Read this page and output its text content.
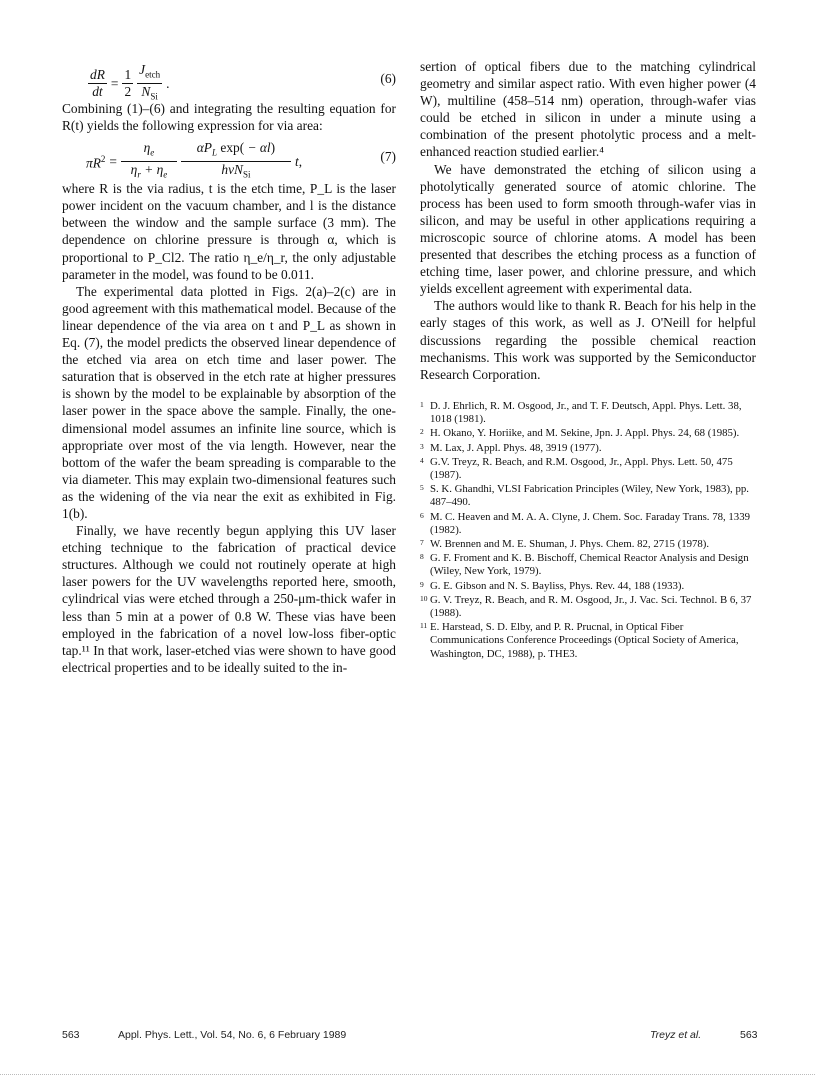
$\frac{dR}{dt} = \frac{1}{2} \frac{J_{etch}}{N_{Si}}$ .	(6)

Combining (1)–(6) and integrating the resulting equation for R(t) yields the following expression for via area:

$\pi R^2 = \frac{\eta_e}{\eta_r + \eta_e} \frac{\alpha P_L \exp( - \alpha l)}{h\nu N_{Si}} t$,	(7)

where R is the via radius, t is the etch time, P_L is the laser power incident on the vacuum chamber, and l is the distance between the window and the sample surface (3 mm). The dependence on chlorine pressure is through α, which is proportional to P_Cl2. The ratio η_e/η_r, the only adjustable parameter in the model, was found to be 0.011.

The experimental data plotted in Figs. 2(a)–2(c) are in good agreement with this mathematical model. Because of the linear dependence of the via area on t and P_L as shown in Eq. (7), the model predicts the observed linear dependence of the etched via area on etch time and laser power. The saturation that is observed in the etch rate at higher pressures is shown by the model to be explainable by absorption of the laser power in the space above the sample. Finally, the one-dimensional model assumes an infinite line source, which is appropriate over most of the via length. However, near the bottom of the wafer the beam spreading is comparable to the via diameter. This may explain two-dimensional features such as the widening of the via near the exit as exhibited in Fig. 1(b).

Finally, we have recently begun applying this UV laser etching technique to the fabrication of practical device structures. Although we could not routinely operate at high laser powers for the UV wavelengths reported here, smooth, cylindrical vias were etched through a 250-μm-thick wafer in less than 5 min at a power of 0.8 W. These vias have been employed in the fabrication of a novel low-loss fiber-optic tap.¹¹ In that work, laser-etched vias were shown to have good electrical properties and to be ideally suited to the in-

sertion of optical fibers due to the matching cylindrical geometry and similar aspect ratio. With even higher power (4 W), multiline (458–514 nm) operation, through-wafer vias could be etched in silicon in under a minute using a combination of the present photolytic process and a melt-enhanced reaction studied earlier.⁴

We have demonstrated the etching of silicon using a photolytically generated source of atomic chlorine. The process has been used to form smooth through-wafer vias in silicon, and may be useful in other applications requiring a microscopic source of chlorine atoms. A model has been presented that describes the etching process as a function of etching time, laser power, and chlorine pressure, and which yields excellent agreement with experimental data.

The authors would like to thank R. Beach for his help in the early stages of this work, as well as J. O'Neill for helpful discussions regarding the possible chemical reaction mechanisms. This work was supported by the Semiconductor Research Corporation.

1 D. J. Ehrlich, R. M. Osgood, Jr., and T. F. Deutsch, Appl. Phys. Lett. 38, 1018 (1981).
2 H. Okano, Y. Horiike, and M. Sekine, Jpn. J. Appl. Phys. 24, 68 (1985).
3 M. Lax, J. Appl. Phys. 48, 3919 (1977).
4 G.V. Treyz, R. Beach, and R.M. Osgood, Jr., Appl. Phys. Lett. 50, 475 (1987).
5 S. K. Ghandhi, VLSI Fabrication Principles (Wiley, New York, 1983), pp. 487–490.
6 M. C. Heaven and M. A. A. Clyne, J. Chem. Soc. Faraday Trans. 78, 1339 (1982).
7 W. Brennen and M. E. Shuman, J. Phys. Chem. 82, 2715 (1978).
8 G. F. Froment and K. B. Bischoff, Chemical Reactor Analysis and Design (Wiley, New York, 1979).
9 G. E. Gibson and N. S. Bayliss, Phys. Rev. 44, 188 (1933).
10 G. V. Treyz, R. Beach, and R. M. Osgood, Jr., J. Vac. Sci. Technol. B 6, 37 (1988).
11 E. Harstead, S. D. Elby, and P. R. Prucnal, in Optical Fiber Communications Conference Proceedings (Optical Society of America, Washington, DC, 1988), p. THE3.
563	Appl. Phys. Lett., Vol. 54, No. 6, 6 February 1989	Treyz et al.	563
